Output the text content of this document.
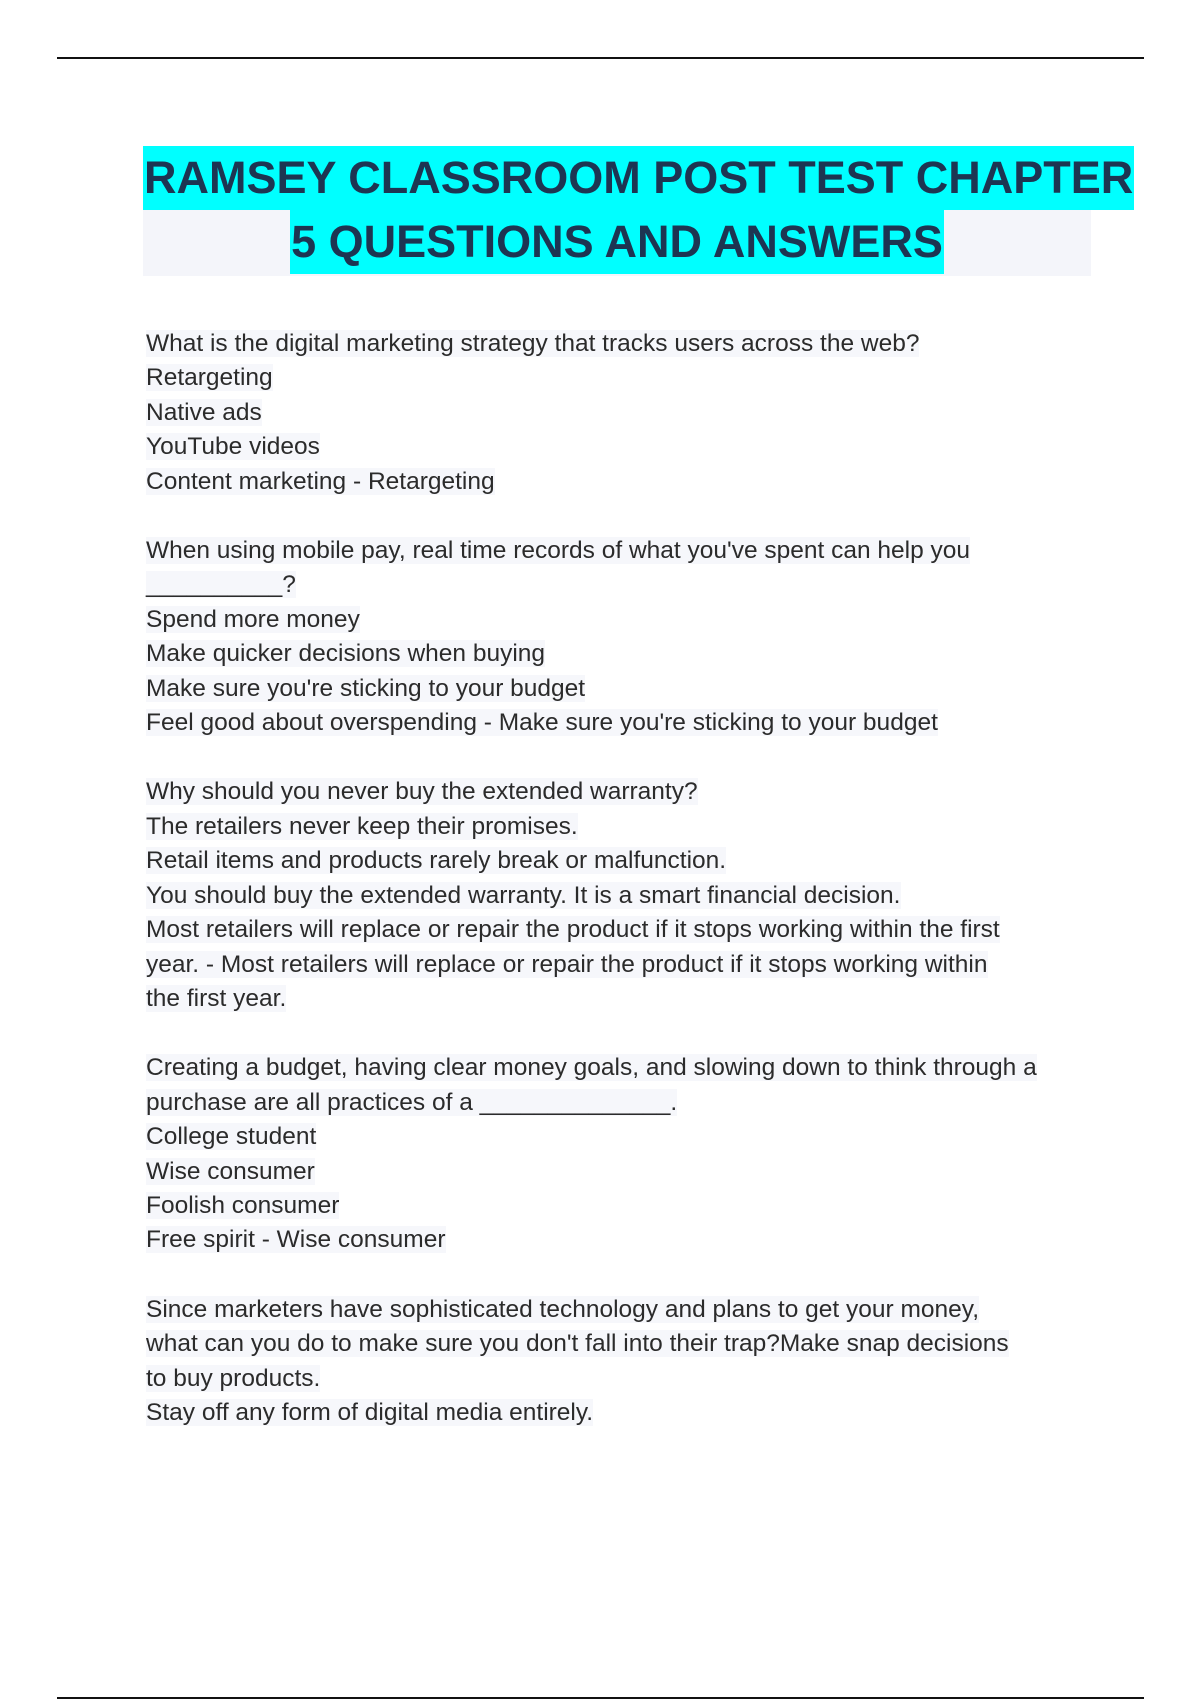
RAMSEY CLASSROOM POST TEST CHAPTER
5 QUESTIONS AND ANSWERS
What is the digital marketing strategy that tracks users across the web?
Retargeting
Native ads
YouTube videos
Content marketing - Retargeting
When using mobile pay, real time records of what you've spent can help you
__________?
Spend more money
Make quicker decisions when buying
Make sure you're sticking to your budget
Feel good about overspending - Make sure you're sticking to your budget
Why should you never buy the extended warranty?
The retailers never keep their promises.
Retail items and products rarely break or malfunction.
You should buy the extended warranty. It is a smart financial decision.
Most retailers will replace or repair the product if it stops working within the first
year. - Most retailers will replace or repair the product if it stops working within
the first year.
Creating a budget, having clear money goals, and slowing down to think through a
purchase are all practices of a ______________.
College student
Wise consumer
Foolish consumer
Free spirit - Wise consumer
Since marketers have sophisticated technology and plans to get your money,
what can you do to make sure you don't fall into their trap?Make snap decisions
to buy products.
Stay off any form of digital media entirely.
